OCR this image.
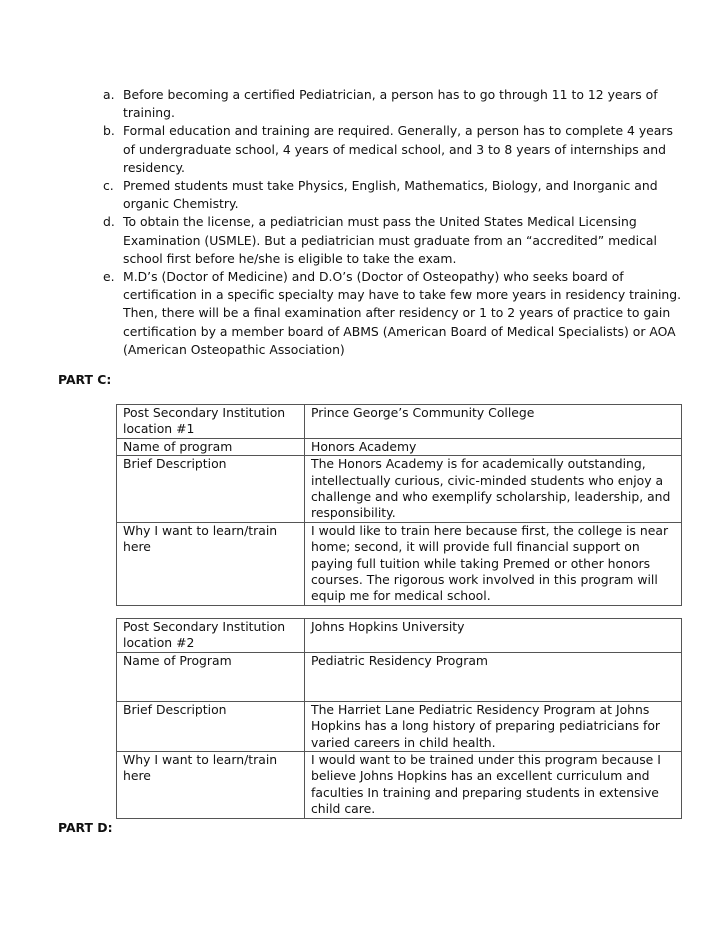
a. Before becoming a certified Pediatrician, a person has to go through 11 to 12 years of training.
b. Formal education and training are required. Generally, a person has to complete 4 years of undergraduate school, 4 years of medical school, and 3 to 8 years of internships and residency.
c. Premed students must take Physics, English, Mathematics, Biology, and Inorganic and organic Chemistry.
d. To obtain the license, a pediatrician must pass the United States Medical Licensing Examination (USMLE). But a pediatrician must graduate from an “accredited” medical school first before he/she is eligible to take the exam.
e. M.D’s (Doctor of Medicine) and D.O’s (Doctor of Osteopathy) who seeks board of certification in a specific specialty may have to take few more years in residency training. Then, there will be a final examination after residency or 1 to 2 years of practice to gain certification by a member board of ABMS (American Board of Medical Specialists) or AOA (American Osteopathic Association)
PART C:
Post Secondary Institution location #1	Prince George’s Community College
Name of program	Honors Academy
Brief Description	The Honors Academy is for academically outstanding, intellectually curious, civic-minded students who enjoy a challenge and who exemplify scholarship, leadership, and responsibility.
Why I want to learn/train here	I would like to train here because first, the college is near home; second, it will provide full financial support on paying full tuition while taking Premed or other honors courses. The rigorous work involved in this program will equip me for medical school.
Post Secondary Institution location #2	Johns Hopkins University
Name of Program	Pediatric Residency Program
Brief Description	The Harriet Lane Pediatric Residency Program at Johns Hopkins has a long history of preparing pediatricians for varied careers in child health.
Why I want to learn/train here	I would want to be trained under this program because I believe Johns Hopkins has an excellent curriculum and faculties In training and preparing students in extensive child care.
PART D:
